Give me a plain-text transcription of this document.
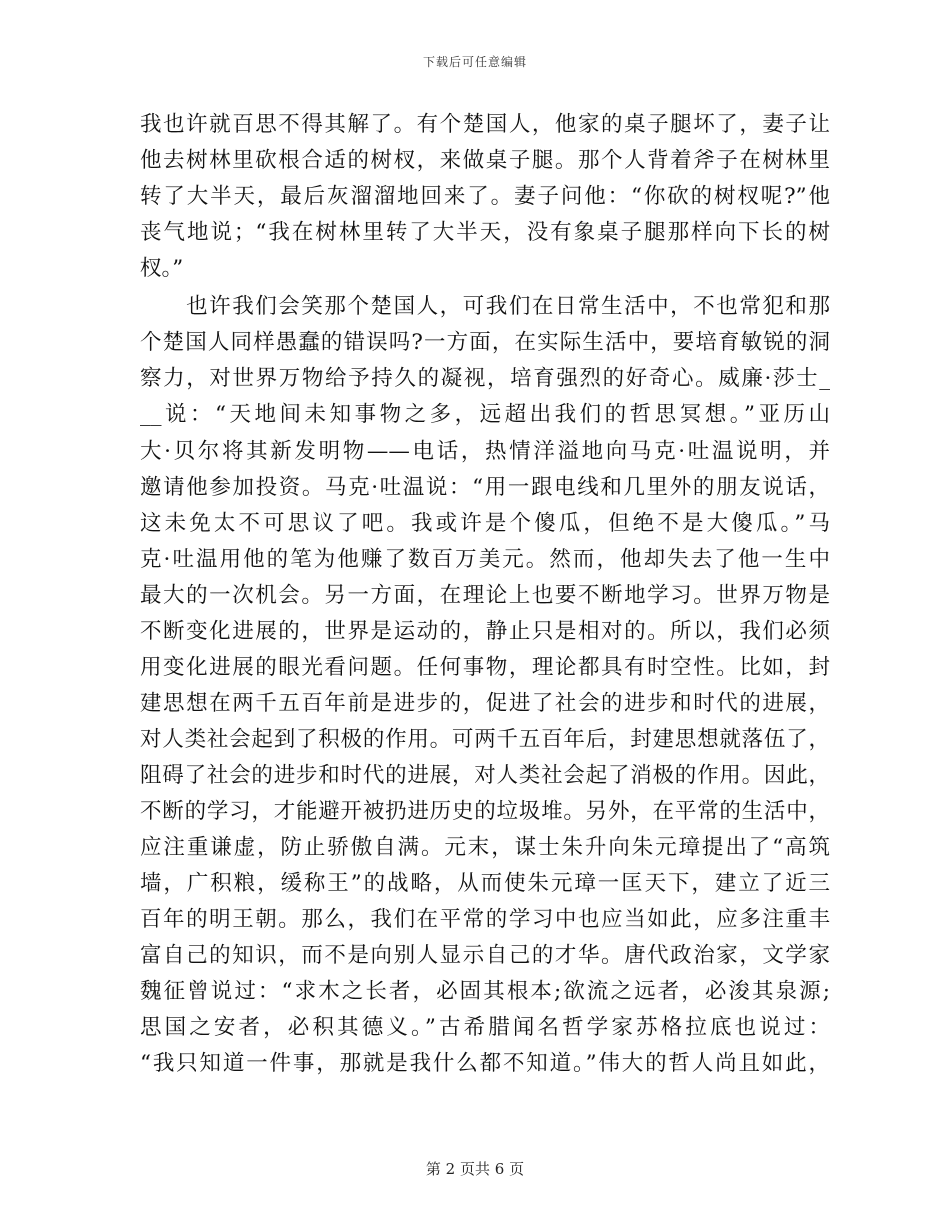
下载后可任意编辑
我也许就百思不得其解了。有个楚国人，他家的桌子腿坏了，妻子让
他去树林里砍根合适的树杈，来做桌子腿。那个人背着斧子在树林里
转了大半天，最后灰溜溜地回来了。妻子问他：“你砍的树杈呢?”他
丧气地说；“我在树林里转了大半天，没有象桌子腿那样向下长的树
杈。”
　　也许我们会笑那个楚国人，可我们在日常生活中，不也常犯和那
个楚国人同样愚蠢的错误吗?一方面，在实际生活中，要培育敏锐的洞
察力，对世界万物给予持久的凝视，培育强烈的好奇心。威廉·莎士_
__说：“天地间未知事物之多，远超出我们的哲思冥想。”亚历山
大·贝尔将其新发明物——电话，热情洋溢地向马克·吐温说明，并
邀请他参加投资。马克·吐温说：“用一跟电线和几里外的朋友说话，
这未免太不可思议了吧。我或许是个傻瓜，但绝不是大傻瓜。”马
克·吐温用他的笔为他赚了数百万美元。然而，他却失去了他一生中
最大的一次机会。另一方面，在理论上也要不断地学习。世界万物是
不断变化进展的，世界是运动的，静止只是相对的。所以，我们必须
用变化进展的眼光看问题。任何事物，理论都具有时空性。比如，封
建思想在两千五百年前是进步的，促进了社会的进步和时代的进展，
对人类社会起到了积极的作用。可两千五百年后，封建思想就落伍了，
阻碍了社会的进步和时代的进展，对人类社会起了消极的作用。因此，
不断的学习，才能避开被扔进历史的垃圾堆。另外，在平常的生活中，
应注重谦虚，防止骄傲自满。元末，谋士朱升向朱元璋提出了“高筑
墙，广积粮，缓称王”的战略，从而使朱元璋一匡天下，建立了近三
百年的明王朝。那么，我们在平常的学习中也应当如此，应多注重丰
富自己的知识，而不是向别人显示自己的才华。唐代政治家，文学家
魏征曾说过：“求木之长者，必固其根本;欲流之远者，必浚其泉源;
思国之安者，必积其德义。”古希腊闻名哲学家苏格拉底也说过：
“我只知道一件事，那就是我什么都不知道。”伟大的哲人尚且如此，
第 2 页共 6 页
